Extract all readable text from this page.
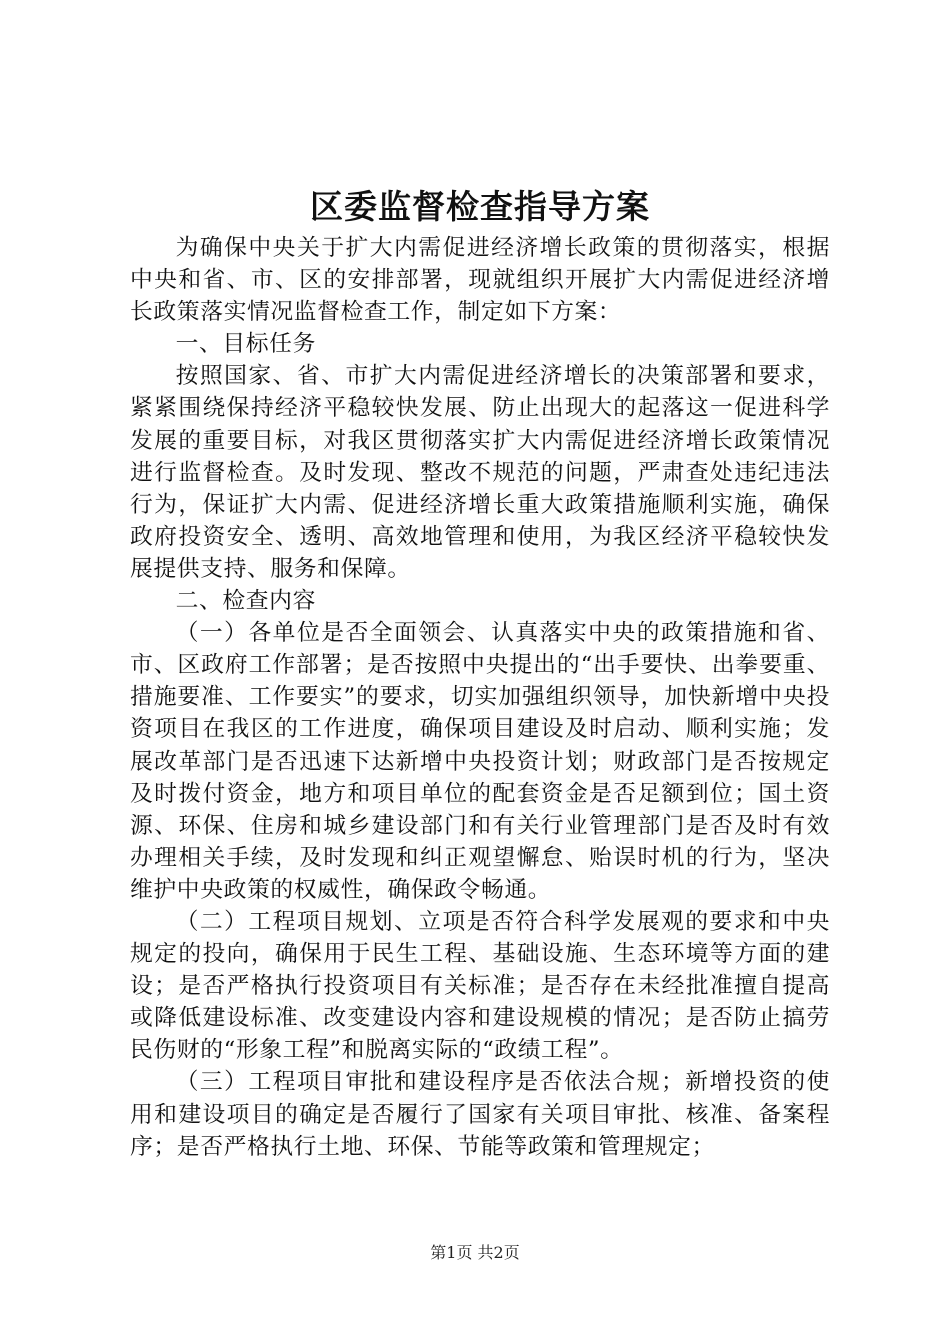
区委监督检查指导方案

为确保中央关于扩大内需促进经济增长政策的贯彻落实，根据中央和省、市、区的安排部署，现就组织开展扩大内需促进经济增长政策落实情况监督检查工作，制定如下方案：

一、目标任务

按照国家、省、市扩大内需促进经济增长的决策部署和要求，紧紧围绕保持经济平稳较快发展、防止出现大的起落这一促进科学发展的重要目标，对我区贯彻落实扩大内需促进经济增长政策情况进行监督检查。及时发现、整改不规范的问题，严肃查处违纪违法行为，保证扩大内需、促进经济增长重大政策措施顺利实施，确保政府投资安全、透明、高效地管理和使用，为我区经济平稳较快发展提供支持、服务和保障。

二、检查内容

（一）各单位是否全面领会、认真落实中央的政策措施和省、市、区政府工作部署；是否按照中央提出的“出手要快、出拳要重、措施要准、工作要实”的要求，切实加强组织领导，加快新增中央投资项目在我区的工作进度，确保项目建设及时启动、顺利实施；发展改革部门是否迅速下达新增中央投资计划；财政部门是否按规定及时拨付资金，地方和项目单位的配套资金是否足额到位；国土资源、环保、住房和城乡建设部门和有关行业管理部门是否及时有效办理相关手续，及时发现和纠正观望懈怠、贻误时机的行为，坚决维护中央政策的权威性，确保政令畅通。

（二）工程项目规划、立项是否符合科学发展观的要求和中央规定的投向，确保用于民生工程、基础设施、生态环境等方面的建设；是否严格执行投资项目有关标准；是否存在未经批准擅自提高或降低建设标准、改变建设内容和建设规模的情况；是否防止搞劳民伤财的“形象工程”和脱离实际的“政绩工程”。

（三）工程项目审批和建设程序是否依法合规；新增投资的使用和建设项目的确定是否履行了国家有关项目审批、核准、备案程序；是否严格执行土地、环保、节能等政策和管理规定；

第1页 共2页
